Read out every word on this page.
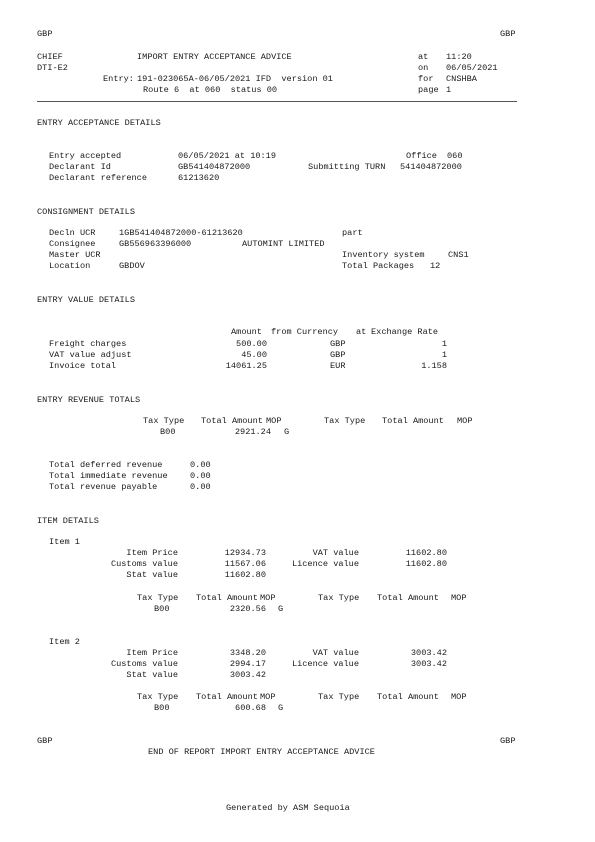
GBP	GBP
CHIEF	IMPORT ENTRY ACCEPTANCE ADVICE	at 11:20
DTI-E2	on 06/05/2021
Entry: 191-023065A-06/05/2021 IFD  version 01	for CNSHBA
Route 6  at 060  status 00	page 1
ENTRY ACCEPTANCE DETAILS
Entry accepted	06/05/2021 at 10:19	Office 060
Declarant Id	GB541404872000	Submitting TURN 541404872000
Declarant reference	61213620
CONSIGNMENT DETAILS
Decln UCR	1GB541404872000-61213620	part
Consignee	GB556963396000	AUTOMINT LIMITED
Master UCR	Inventory system	CNS1
Location	GBDOV	Total Packages 12
ENTRY VALUE DETAILS
Amount from Currency at Exchange Rate
Freight charges	500.00	GBP	1
VAT value adjust	45.00	GBP	1
Invoice total	14061.25	EUR	1.158
ENTRY REVENUE TOTALS
Tax Type Total Amount MOP	Tax Type Total Amount MOP
B00	2921.24 G
Total deferred revenue	0.00
Total immediate revenue	0.00
Total revenue payable	0.00
ITEM DETAILS
Item 1
Item Price	12934.73	VAT value	11602.80
Customs value	11567.06	Licence value	11602.80
Stat value	11602.80
Tax Type Total Amount MOP	Tax Type Total Amount MOP
B00	2320.56 G
Item 2
Item Price	3348.20	VAT value	3003.42
Customs value	2994.17	Licence value	3003.42
Stat value	3003.42
Tax Type Total Amount MOP	Tax Type Total Amount MOP
B00	600.68 G
GBP	GBP
END OF REPORT IMPORT ENTRY ACCEPTANCE ADVICE
Generated by ASM Sequoia
